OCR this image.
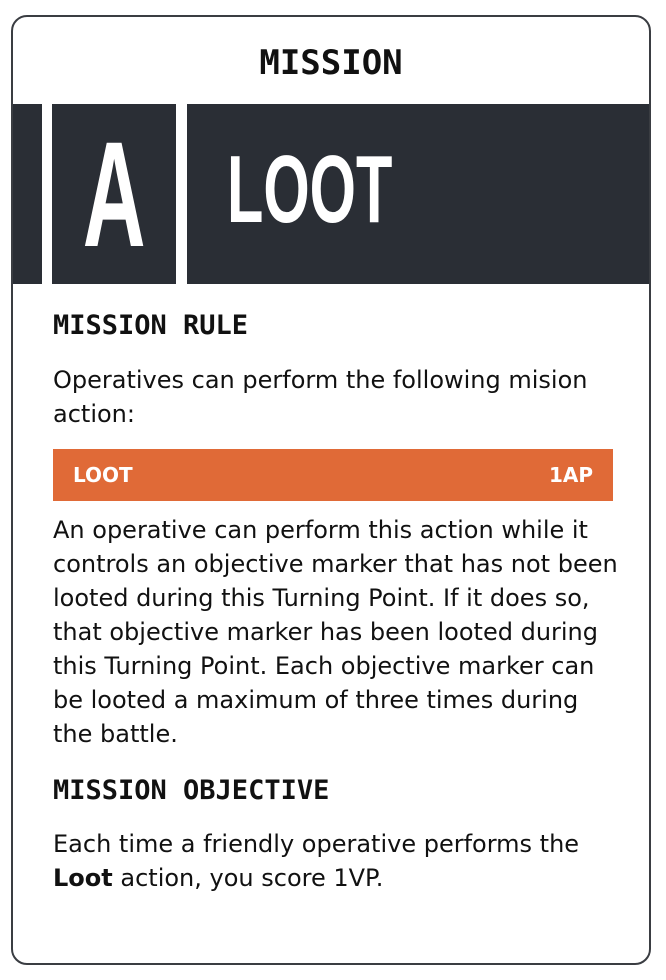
MISSION
A LOOT
MISSION RULE
Operatives can perform the following mision action:
LOOT	1AP
An operative can perform this action while it controls an objective marker that has not been looted during this Turning Point. If it does so, that objective marker has been looted during this Turning Point. Each objective marker can be looted a maximum of three times during the battle.
MISSION OBJECTIVE
Each time a friendly operative performs the Loot action, you score 1VP.
